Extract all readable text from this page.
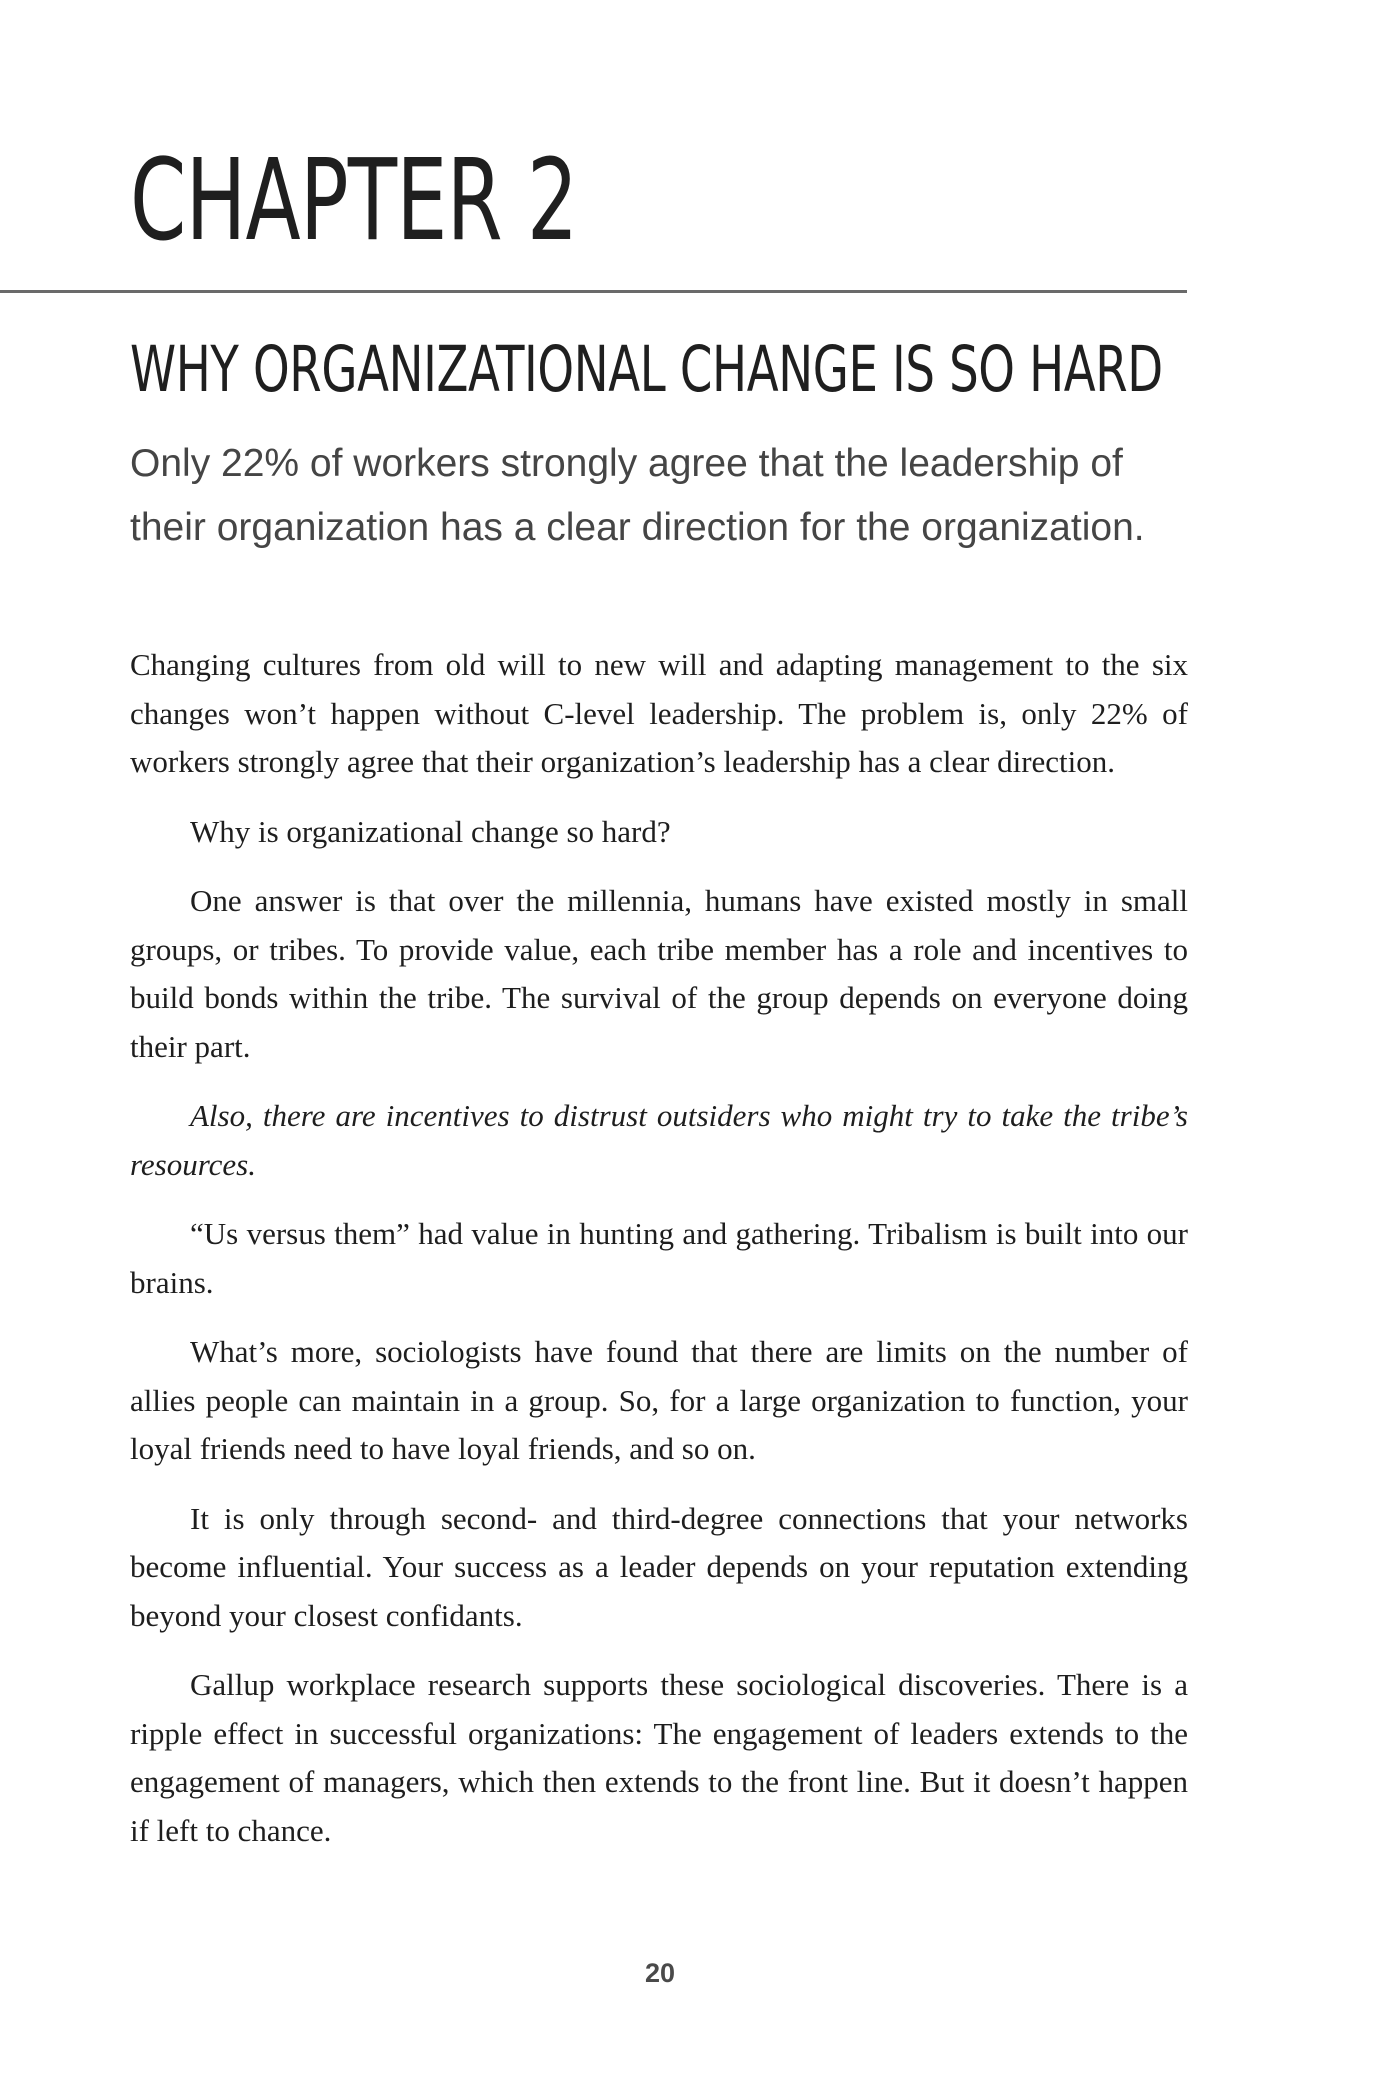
CHAPTER 2
WHY ORGANIZATIONAL CHANGE IS SO HARD

Only 22% of workers strongly agree that the leadership of their organization has a clear direction for the organization.

Changing cultures from old will to new will and adapting management to the six changes won’t happen without C-level leadership. The problem is, only 22% of workers strongly agree that their organization’s leadership has a clear direction.

Why is organizational change so hard?

One answer is that over the millennia, humans have existed mostly in small groups, or tribes. To provide value, each tribe member has a role and incentives to build bonds within the tribe. The survival of the group depends on everyone doing their part.

Also, there are incentives to distrust outsiders who might try to take the tribe’s resources.

“Us versus them” had value in hunting and gathering. Tribalism is built into our brains.

What’s more, sociologists have found that there are limits on the number of allies people can maintain in a group. So, for a large organization to function, your loyal friends need to have loyal friends, and so on.

It is only through second- and third-degree connections that your networks become influential. Your success as a leader depends on your reputation extending beyond your closest confidants.

Gallup workplace research supports these sociological discoveries. There is a ripple effect in successful organizations: The engagement of leaders extends to the engagement of managers, which then extends to the front line. But it doesn’t happen if left to chance.

20
